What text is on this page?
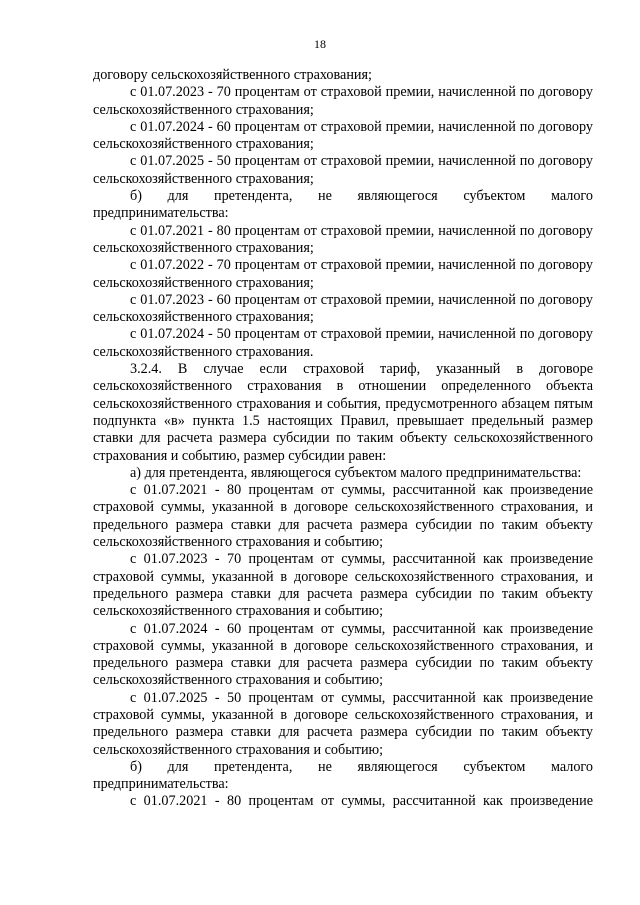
18

договору сельскохозяйственного страхования;

с 01.07.2023 - 70 процентам от страховой премии, начисленной по договору сельскохозяйственного страхования;

с 01.07.2024 - 60 процентам от страховой премии, начисленной по договору сельскохозяйственного страхования;

с 01.07.2025 - 50 процентам от страховой премии, начисленной по договору сельскохозяйственного страхования;

б) для претендента, не являющегося субъектом малого предпринимательства:

с 01.07.2021 - 80 процентам от страховой премии, начисленной по договору сельскохозяйственного страхования;

с 01.07.2022 - 70 процентам от страховой премии, начисленной по договору сельскохозяйственного страхования;

с 01.07.2023 - 60 процентам от страховой премии, начисленной по договору сельскохозяйственного страхования;

с 01.07.2024 - 50 процентам от страховой премии, начисленной по договору сельскохозяйственного страхования.

3.2.4. В случае если страховой тариф, указанный в договоре сельскохозяйственного страхования в отношении определенного объекта сельскохозяйственного страхования и события, предусмотренного абзацем пятым подпункта «в» пункта 1.5 настоящих Правил, превышает предельный размер ставки для расчета размера субсидии по таким объекту сельскохозяйственного страхования и событию, размер субсидии равен:

а) для претендента, являющегося субъектом малого предпринимательства:

с 01.07.2021 - 80 процентам от суммы, рассчитанной как произведение страховой суммы, указанной в договоре сельскохозяйственного страхования, и предельного размера ставки для расчета размера субсидии по таким объекту сельскохозяйственного страхования и событию;

с 01.07.2023 - 70 процентам от суммы, рассчитанной как произведение страховой суммы, указанной в договоре сельскохозяйственного страхования, и предельного размера ставки для расчета размера субсидии по таким объекту сельскохозяйственного страхования и событию;

с 01.07.2024 - 60 процентам от суммы, рассчитанной как произведение страховой суммы, указанной в договоре сельскохозяйственного страхования, и предельного размера ставки для расчета размера субсидии по таким объекту сельскохозяйственного страхования и событию;

с 01.07.2025 - 50 процентам от суммы, рассчитанной как произведение страховой суммы, указанной в договоре сельскохозяйственного страхования, и предельного размера ставки для расчета размера субсидии по таким объекту сельскохозяйственного страхования и событию;

б) для претендента, не являющегося субъектом малого предпринимательства:

с 01.07.2021 - 80 процентам от суммы, рассчитанной как произведение
